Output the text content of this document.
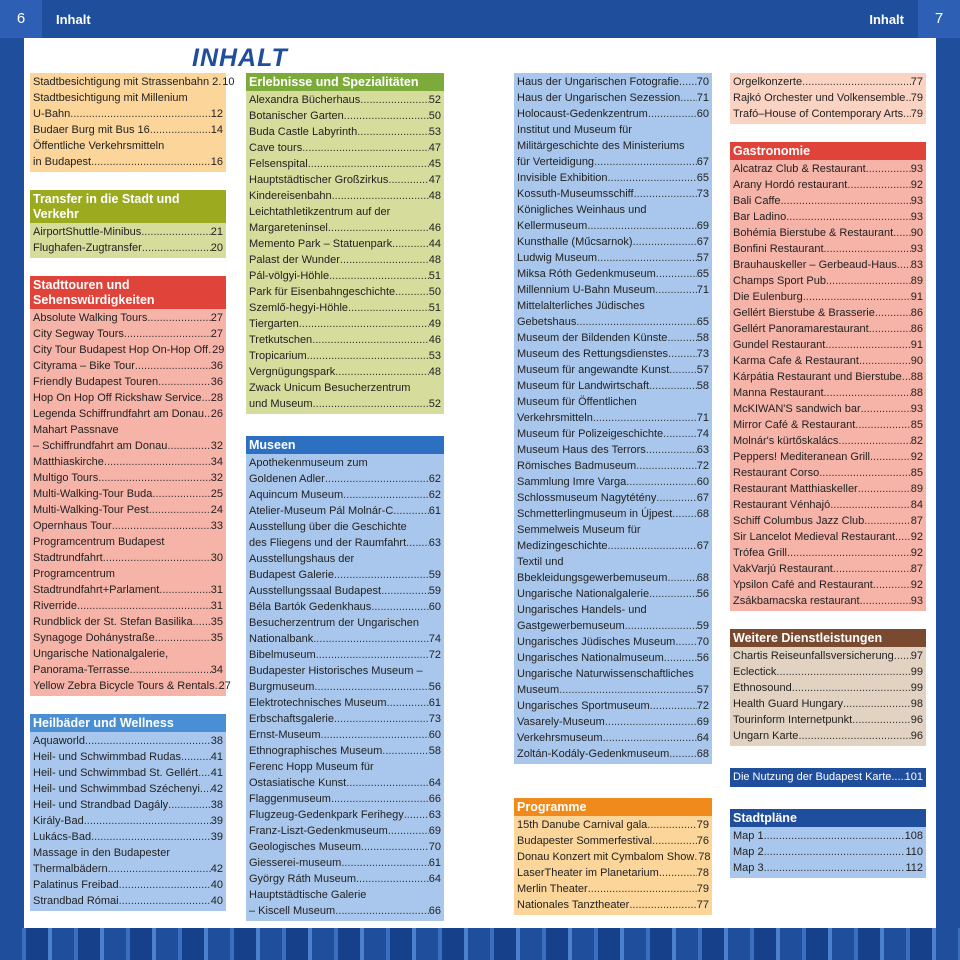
6	Inhalt	Inhalt	7
INHALT
Stadtbesichtigung mit Strassenbahn 2 ..... 10
Stadtbesichtigung mit Millenium
U-Bahn .....	12
Budaer Burg mit Bus 16 .....	14
Öffentliche Verkehrsmitteln
in Budapest .....	16
Transfer in die Stadt und Verkehr
AirportShuttle-Minibus .....	21
Flughafen-Zugtransfer .....	20
Stadttouren und Sehenswürdigkeiten
Absolute Walking Tours .....	27
City Segway Tours .....	27
City Tour Budapest Hop On-Hop Off ..... 29
Cityrama – Bike Tour .....	36
Friendly Budapest Touren .....	36
Hop On Hop Off Rickshaw Service ..... 28
Legenda Schiffrundfahrt am Donau ..... 26
Mahart Passnave
– Schiffrundfahrt am Donau .....	32
Matthiaskirche .....	34
Multigo Tours .....	32
Multi-Walking-Tour Buda .....	25
Multi-Walking-Tour Pest .....	24
Opernhaus Tour .....	33
Programcentrum Budapest
Stadtrundfahrt .....	30
Programcentrum
Stadtrundfahrt+Parlament .....	31
Riverride .....	31
Rundblick der St. Stefan Basilika ..... 35
Synagoge Dohánystraße .....	35
Ungarische Nationalgalerie,
Panorama-Terrasse .....	34
Yellow Zebra Bicycle Tours & Rentals ..... 27
Heilbäder und Wellness
Aquaworld .....	38
Heil- und Schwimmbad Rudas .....	41
Heil- und Schwimmbad St. Gellért ..... 41
Heil- und Schwimmbad Széchenyi ..... 42
Heil- und Strandbad Dagály .....	38
Király-Bad .....	39
Lukács-Bad .....	39
Massage in den Budapester
Thermalbädern .....	42
Palatinus Freibad .....	40
Strandbad Római .....	40
Erlebnisse und Spezialitäten
Alexandra Bücherhaus .....	52
Botanischer Garten .....	50
Buda Castle Labyrinth .....	53
Cave tours .....	47
Felsenspital .....	45
Hauptstädtischer Großzirkus .....	47
Kindereisenbahn .....	48
Leichtathletikzentrum auf der
Margareteninsel .....	46
Memento Park – Statuenpark .....	44
Palast der Wunder .....	48
Pál-völgyi-Höhle .....	51
Park für Eisenbahngeschichte .....	50
Szemlő-hegyi-Höhle .....	51
Tiergarten .....	49
Tretkutschen .....	46
Tropicarium .....	53
Vergnügungspark .....	48
Zwack Unicum Besucherzentrum
und Museum .....	52
Museen
Apothekenmuseum zum
Goldenen Adler .....	62
Aquincum Museum .....	62
Atelier-Museum Pál Molnár-C. .....	61
Ausstellung über die Geschichte
des Fliegens und der Raumfahrt ..... 63
Ausstellungshaus der
Budapest Galerie .....	59
Ausstellungssaal Budapest .....	59
Béla Bartók Gedenkhaus .....	60
Besucherzentrum der Ungarischen
Nationalbank .....	74
Bibelmuseum .....	72
Budapester Historisches Museum –
Burgmuseum .....	56
Elektrotechnisches Museum .....	61
Erbschaftsgalerie .....	73
Ernst-Museum .....	60
Ethnographisches Museum .....	58
Ferenc Hopp Museum für
Ostasiatische Kunst .....	64
Flaggenmuseum .....	66
Flugzeug-Gedenkpark Ferihegy ..... 63
Franz-Liszt-Gedenkmuseum .....	69
Geologisches Museum .....	70
Giesserei-museum .....	61
György Ráth Museum .....	64
Hauptstädtische Galerie
– Kiscell Museum .....	66
Haus der Ungarischen Fotografie ..... 70
Haus der Ungarischen Sezession ..... 71
Holocaust-Gedenkzentrum .....	60
Institut und Museum für
Militärgeschichte des Ministeriums
für Verteidigung .....	67
Invisible Exhibition .....	65
Kossuth-Museumsschiff .....	73
Königliches Weinhaus und
Kellermuseum .....	69
Kunsthalle (Műcsarnok) .....	67
Ludwig Museum .....	57
Miksa Róth Gedenkmuseum .....	65
Millennium U-Bahn Museum .....	71
Mittelalterliches Jüdisches
Gebetshaus .....	65
Museum der Bildenden Künste .....	58
Museum des Rettungsdienstes .....	73
Museum für angewandte Kunst ..... 57
Museum für Landwirtschaft .....	58
Museum für Öffentlichen
Verkehrsmitteln .....	71
Museum für Polizeigeschichte .....	74
Museum Haus des Terrors .....	63
Römisches Badmuseum .....	72
Sammlung Imre Varga .....	60
Schlossmuseum Nagytétény .....	67
Schmetterlingmuseum in Újpest ..... 68
Semmelweis Museum für
Medizingeschichte .....	67
Textil und
Bbekleidungsgewerbemuseum .....	68
Ungarische Nationalgalerie .....	56
Ungarisches Handels- und
Gastgewerbemuseum .....	59
Ungarisches Jüdisches Museum ..... 70
Ungarisches Nationalmuseum .....	56
Ungarische Naturwissenschaftliches
Museum .....	57
Ungarisches Sportmuseum .....	72
Vasarely-Museum .....	69
Verkehrsmuseum .....	64
Zoltán-Kodály-Gedenkmuseum .....	68
Programme
15th Danube Carnival gala .....	79
Budapester Sommerfestival .....	76
Donau Konzert mit Cymbalom Show ..... 78
LaserTheater im Planetarium .....	78
Merlin Theater .....	79
Nationales Tanztheater .....	77
Orgelkonzerte .....	77
Rajkó Orchester und Volkensemble ..... 79
Trafó–House of Contemporary Arts ..... 79
Gastronomie
Alcatraz Club & Restaurant .....	93
Arany Hordó restaurant .....	92
Bali Caffe .....	93
Bar Ladino .....	93
Bohémia Bierstube & Restaurant ..... 90
Bonfini Restaurant .....	93
Brauhauskeller – Gerbeaud-Haus ..... 83
Champs Sport Pub .....	89
Die Eulenburg .....	91
Gellért Bierstube & Brasserie .....	86
Gellért Panoramarestaurant .....	86
Gundel Restaurant .....	91
Karma Cafe & Restaurant .....	90
Kárpátia Restaurant und Bierstube ..... 88
Manna Restaurant .....	88
McKIWAN'S sandwich bar .....	93
Mirror Café & Restaurant .....	85
Molnár's kürtőskalács .....	82
Peppers! Mediteranean Grill .....	92
Restaurant Corso .....	85
Restaurant Matthiaskeller .....	89
Restaurant Vénhajó .....	84
Schiff Columbus Jazz Club .....	87
Sir Lancelot Medieval Restaurant ..... 92
Trófea Grill .....	92
VakVarjú Restaurant .....	87
Ypsilon Café and Restaurant .....	92
Zsákbamacska restaurant .....	93
Weitere Dienstleistungen
Chartis Reiseunfallsversicherung ..... 97
Eclectick .....	99
Ethnosound .....	99
Health Guard Hungary .....	98
Tourinform Internetpunkt .....	96
Ungarn Karte .....	96
Die Nutzung der Budapest Karte ..... 101
Stadtpläne
Map 1 .....	108
Map 2 .....	110
Map 3 .....	112
